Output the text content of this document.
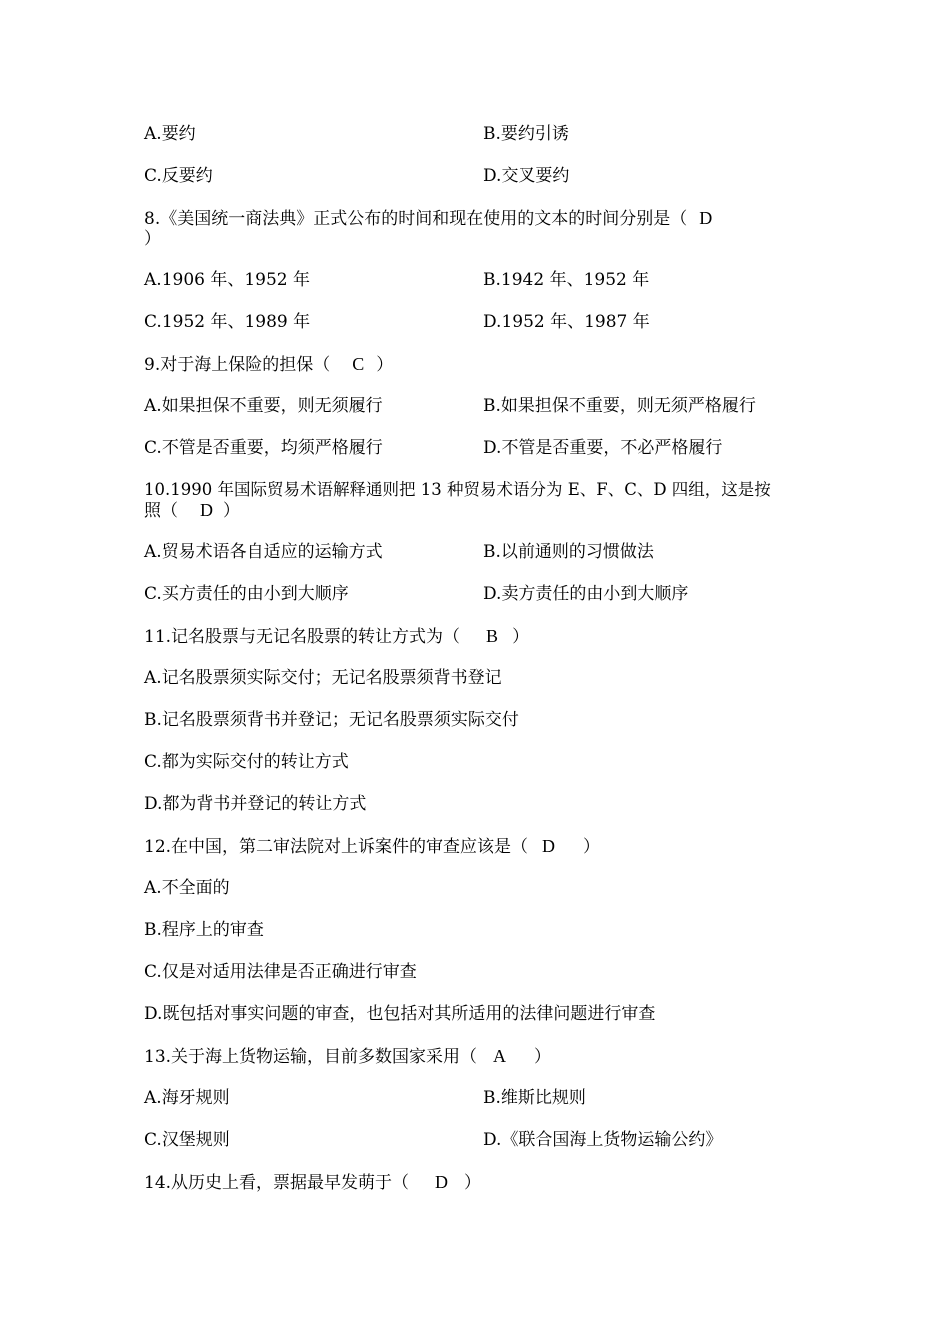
A.要约	B.要约引诱
C.反要约	D.交叉要约
8.《美国统一商法典》正式公布的时间和现在使用的文本的时间分别是（ D
）
A.1906 年、1952 年	B.1942 年、1952 年
C.1952 年、1989 年	D.1952 年、1987 年
9.对于海上保险的担保（ C ）
A.如果担保不重要，则无须履行	B.如果担保不重要，则无须严格履行
C.不管是否重要，均须严格履行	D.不管是否重要，不必严格履行
10.1990 年国际贸易术语解释通则把 13 种贸易术语分为 E、F、C、D 四组，这是按
照（ D ）
A.贸易术语各自适应的运输方式	B.以前通则的习惯做法
C.买方责任的由小到大顺序	D.卖方责任的由小到大顺序
11.记名股票与无记名股票的转让方式为（ B ）
A.记名股票须实际交付；无记名股票须背书登记
B.记名股票须背书并登记；无记名股票须实际交付
C.都为实际交付的转让方式
D.都为背书并登记的转让方式
12.在中国，第二审法院对上诉案件的审查应该是（ D ）
A.不全面的
B.程序上的审查
C.仅是对适用法律是否正确进行审查
D.既包括对事实问题的审查，也包括对其所适用的法律问题进行审查
13.关于海上货物运输，目前多数国家采用（ A ）
A.海牙规则	B.维斯比规则
C.汉堡规则	D.《联合国海上货物运输公约》
14.从历史上看，票据最早发萌于（ D ）
